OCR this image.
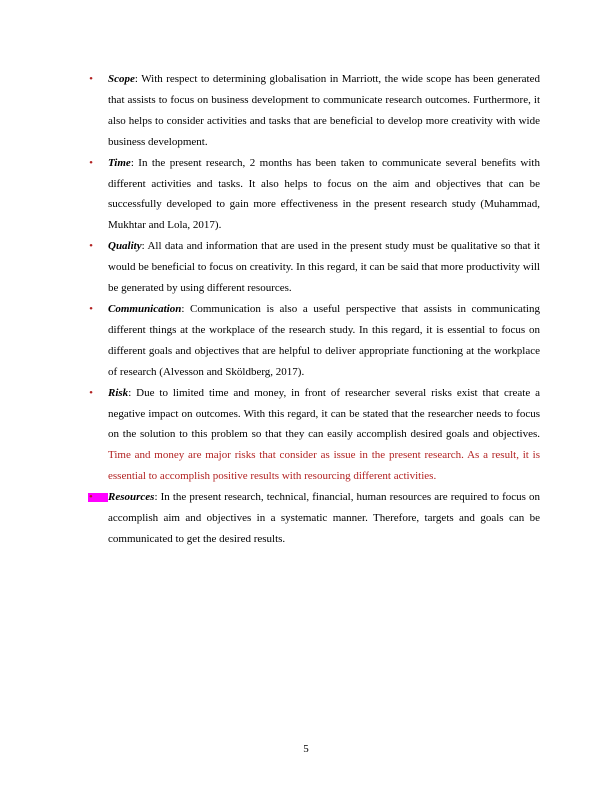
• Scope: With respect to determining globalisation in Marriott, the wide scope has been generated that assists to focus on business development to communicate research outcomes. Furthermore, it also helps to consider activities and tasks that are beneficial to develop more creativity with wide business development.
• Time: In the present research, 2 months has been taken to communicate several benefits with different activities and tasks. It also helps to focus on the aim and objectives that can be successfully developed to gain more effectiveness in the present research study (Muhammad, Mukhtar and Lola, 2017).
• Quality: All data and information that are used in the present study must be qualitative so that it would be beneficial to focus on creativity. In this regard, it can be said that more productivity will be generated by using different resources.
• Communication: Communication is also a useful perspective that assists in communicating different things at the workplace of the research study. In this regard, it is essential to focus on different goals and objectives that are helpful to deliver appropriate functioning at the workplace of research (Alvesson and Sköldberg, 2017).
• Risk: Due to limited time and money, in front of researcher several risks exist that create a negative impact on outcomes. With this regard, it can be stated that the researcher needs to focus on the solution to this problem so that they can easily accomplish desired goals and objectives. Time and money are major risks that consider as issue in the present research. As a result, it is essential to accomplish positive results with resourcing different activities.
• Resources: In the present research, technical, financial, human resources are required to focus on accomplish aim and objectives in a systematic manner. Therefore, targets and goals can be communicated to get the desired results.
5
